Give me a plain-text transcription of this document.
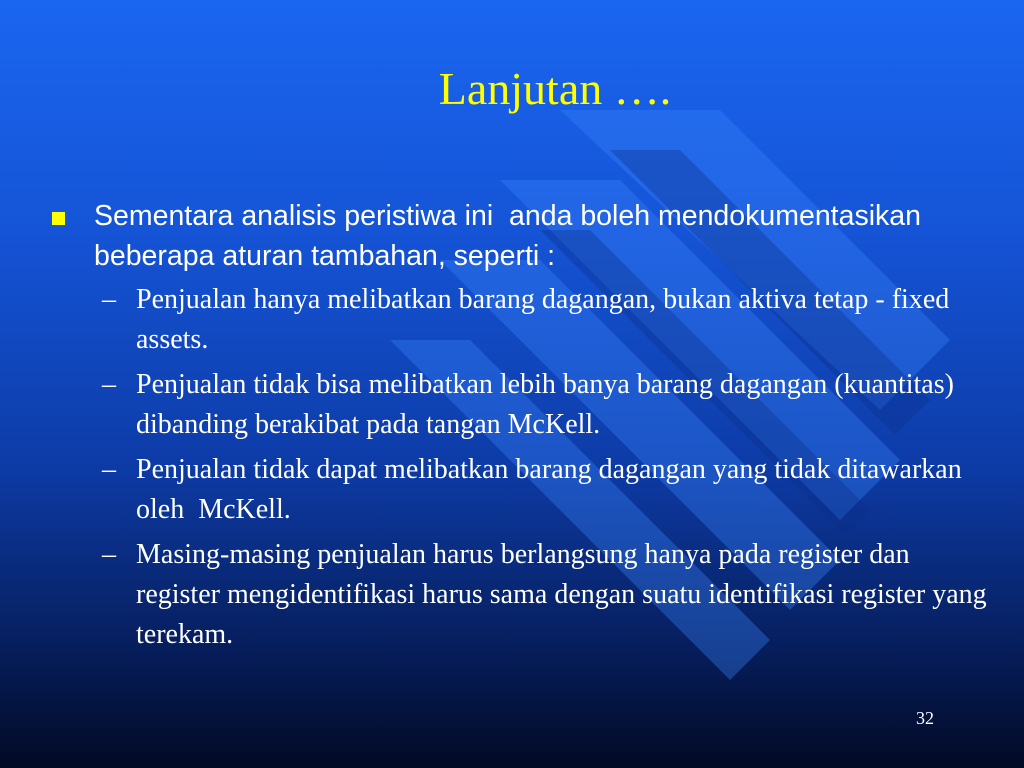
Lanjutan ….
Sementara analisis peristiwa ini  anda boleh mendokumentasikan beberapa aturan tambahan, seperti :
– Penjualan hanya melibatkan barang dagangan, bukan aktiva tetap - fixed assets.
– Penjualan tidak bisa melibatkan lebih banya barang dagangan (kuantitas) dibanding berakibat pada tangan McKell.
– Penjualan tidak dapat melibatkan barang dagangan yang tidak ditawarkan oleh  McKell.
– Masing-masing penjualan harus berlangsung hanya pada register dan register mengidentifikasi harus sama dengan suatu identifikasi register yang terekam.
32
